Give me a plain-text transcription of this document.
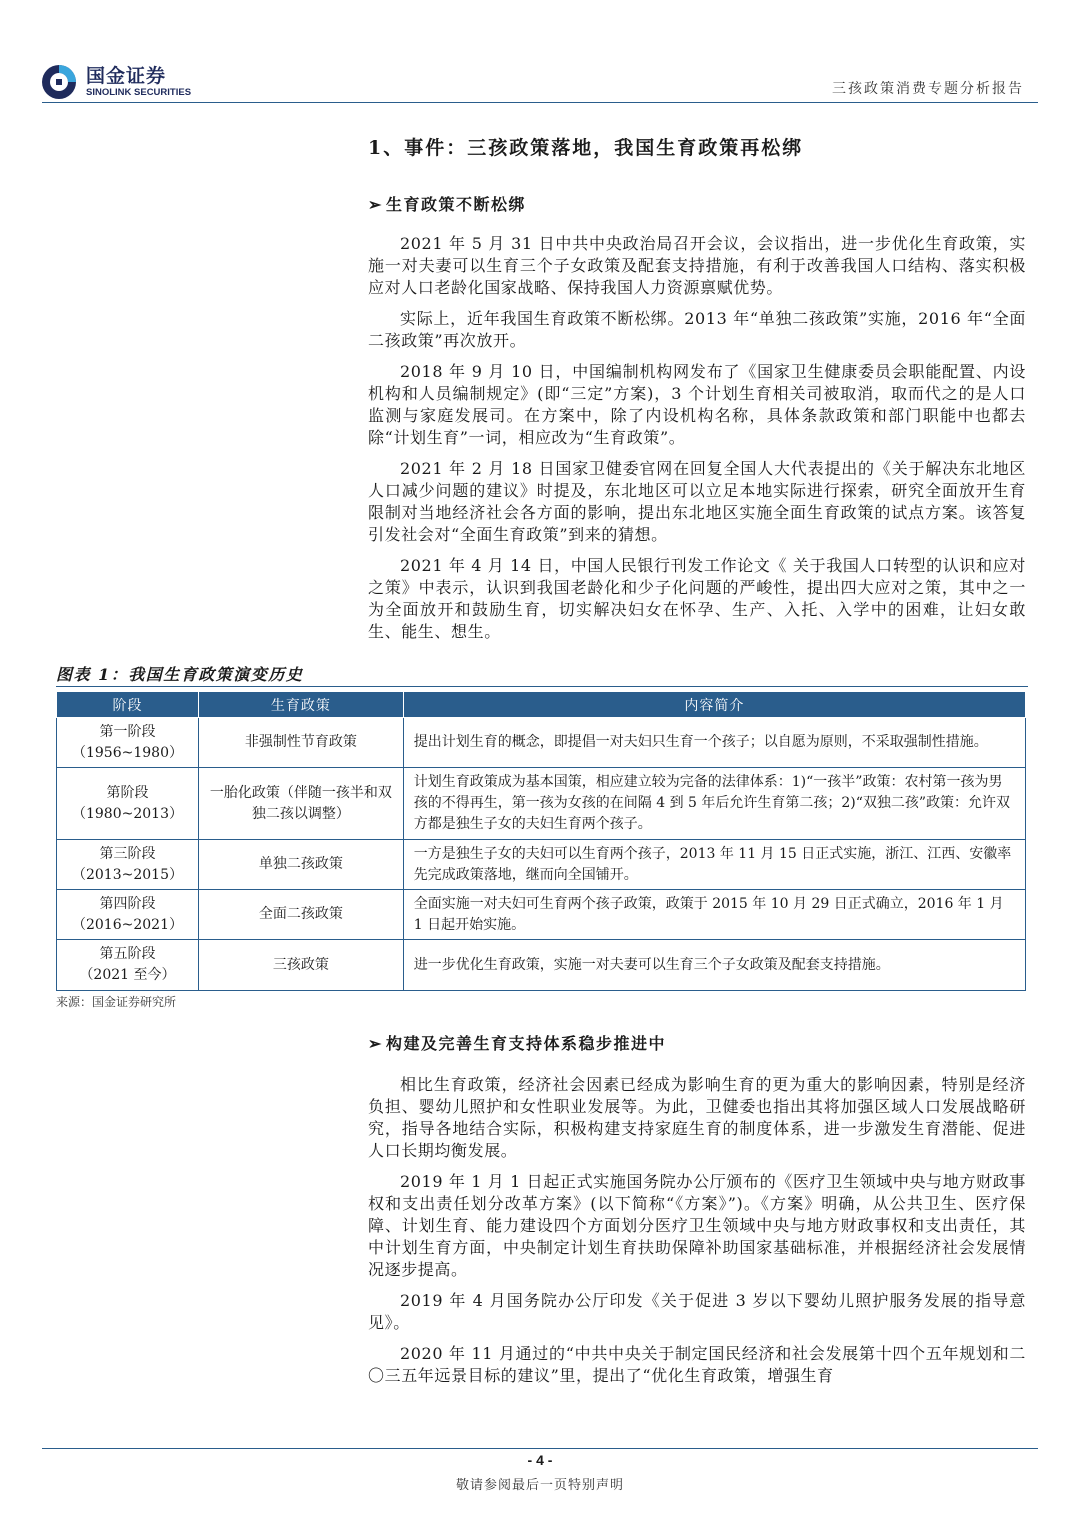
国金证券
SINOLINK SECURITIES	三孩政策消费专题分析报告
1、事件：三孩政策落地，我国生育政策再松绑
➢ 生育政策不断松绑

2021 年 5 月 31 日中共中央政治局召开会议，会议指出，进一步优化生育政策，实施一对夫妻可以生育三个子女政策及配套支持措施，有利于改善我国人口结构、落实积极应对人口老龄化国家战略、保持我国人力资源禀赋优势。

实际上，近年我国生育政策不断松绑。2013 年“单独二孩政策”实施，2016 年“全面二孩政策”再次放开。

2018 年 9 月 10 日，中国编制机构网发布了《国家卫生健康委员会职能配置、内设机构和人员编制规定》(即“三定”方案)，3 个计划生育相关司被取消，取而代之的是人口监测与家庭发展司。在方案中，除了内设机构名称，具体条款政策和部门职能中也都去除“计划生育”一词，相应改为“生育政策”。

2021 年 2 月 18 日国家卫健委官网在回复全国人大代表提出的《关于解决东北地区人口减少问题的建议》时提及，东北地区可以立足本地实际进行探索，研究全面放开生育限制对当地经济社会各方面的影响，提出东北地区实施全面生育政策的试点方案。该答复引发社会对“全面生育政策”到来的猜想。

2021 年 4 月 14 日，中国人民银行刊发工作论文《 关于我国人口转型的认识和应对之策》中表示，认识到我国老龄化和少子化问题的严峻性，提出四大应对之策，其中之一为全面放开和鼓励生育，切实解决妇女在怀孕、生产、入托、入学中的困难，让妇女敢生、能生、想生。

图表 1：我国生育政策演变历史
阶段	生育政策	内容简介

第一阶段
（1956~1980）	非强制性节育政策	提出计划生育的概念，即提倡一对夫妇只生育一个孩子；以自愿为原则，不采取强制性措施。

第阶段
（1980~2013）	一胎化政策（伴随一孩半和双独二孩以调整）	计划生育政策成为基本国策，相应建立较为完备的法律体系：1)“一孩半”政策：农村第一孩为男孩的不得再生，第一孩为女孩的在间隔 4 到 5 年后允许生育第二孩；2)“双独二孩”政策：允许双方都是独生子女的夫妇生育两个孩子。

第三阶段
（2013~2015）	单独二孩政策	一方是独生子女的夫妇可以生育两个孩子，2013 年 11 月 15 日正式实施，浙江、江西、安徽率先完成政策落地，继而向全国铺开。

第四阶段
（2016~2021）	全面二孩政策	全面实施一对夫妇可生育两个孩子政策，政策于 2015 年 10 月 29 日正式确立，2016 年 1 月 1 日起开始实施。

第五阶段
（2021 至今）	三孩政策	进一步优化生育政策，实施一对夫妻可以生育三个子女政策及配套支持措施。
来源：国金证券研究所
➢ 构建及完善生育支持体系稳步推进中

相比生育政策，经济社会因素已经成为影响生育的更为重大的影响因素，特别是经济负担、婴幼儿照护和女性职业发展等。为此，卫健委也指出其将加强区域人口发展战略研究，指导各地结合实际，积极构建支持家庭生育的制度体系，进一步激发生育潜能、促进人口长期均衡发展。

2019 年 1 月 1 日起正式实施国务院办公厅颁布的《医疗卫生领域中央与地方财政事权和支出责任划分改革方案》(以下简称“《方案》”)。《方案》明确，从公共卫生、医疗保障、计划生育、能力建设四个方面划分医疗卫生领域中央与地方财政事权和支出责任，其中计划生育方面，中央制定计划生育扶助保障补助国家基础标准，并根据经济社会发展情况逐步提高。

2019 年 4 月国务院办公厅印发《关于促进 3 岁以下婴幼儿照护服务发展的指导意见》。

2020 年 11 月通过的“中共中央关于制定国民经济和社会发展第十四个五年规划和二〇三五年远景目标的建议”里，提出了“优化生育政策，增强生育

- 4 -
敬请参阅最后一页特别声明
